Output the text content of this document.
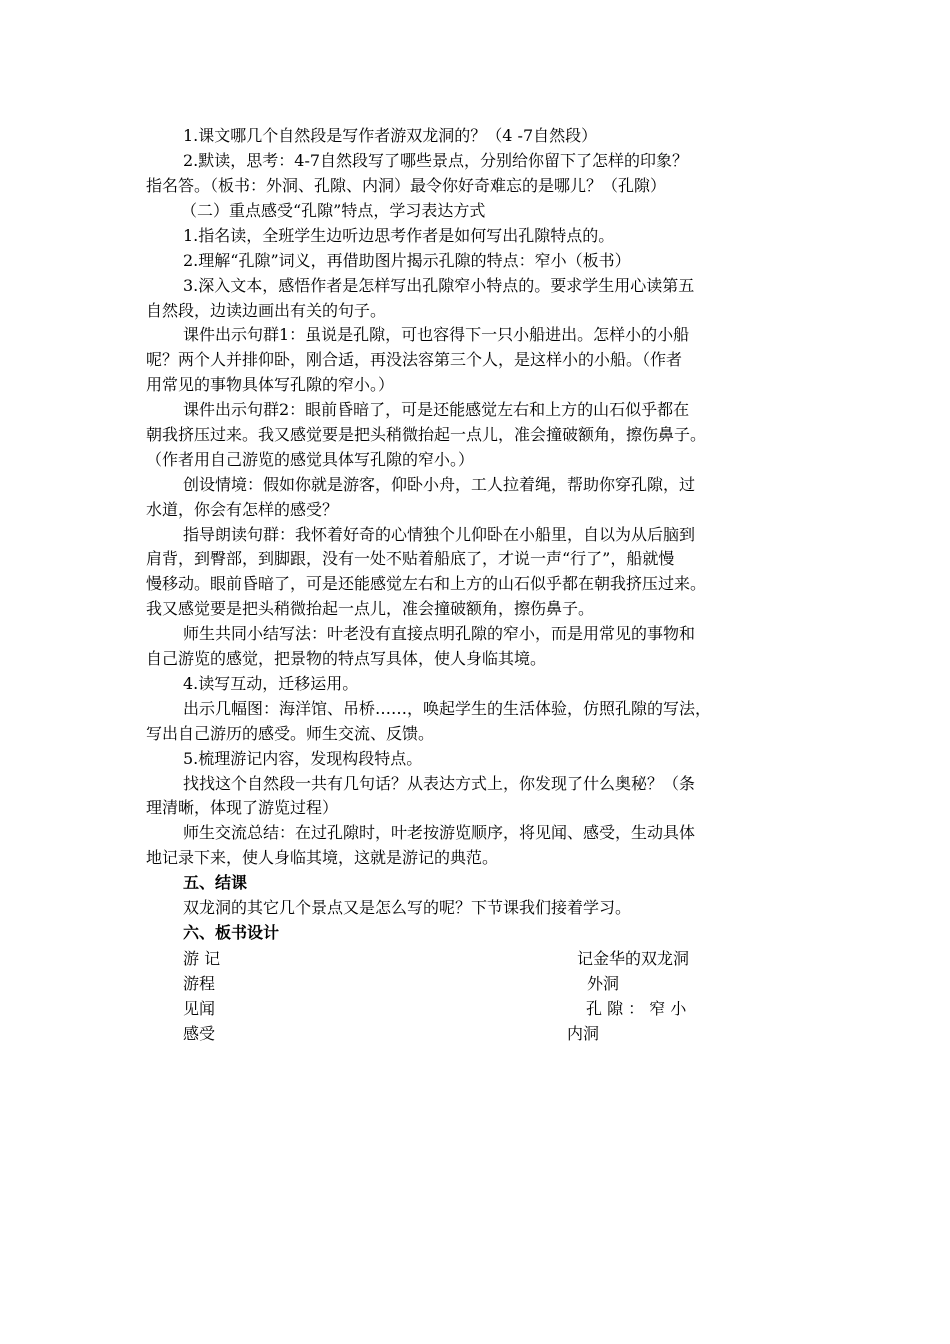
1.课文哪几个自然段是写作者游双龙洞的？（4 -7自然段）
2.默读，思考：4-7自然段写了哪些景点，分别给你留下了怎样的印象？
指名答。（板书：外洞、孔隙、内洞）最令你好奇难忘的是哪儿？（孔隙）
（二）重点感受“孔隙”特点，学习表达方式
1.指名读，全班学生边听边思考作者是如何写出孔隙特点的。
2.理解“孔隙”词义，再借助图片揭示孔隙的特点：窄小（板书）
3.深入文本，感悟作者是怎样写出孔隙窄小特点的。要求学生用心读第五
自然段，边读边画出有关的句子。
课件出示句群1：虽说是孔隙，可也容得下一只小船进出。怎样小的小船
呢？两个人并排仰卧，刚合适，再没法容第三个人，是这样小的小船。（作者
用常见的事物具体写孔隙的窄小。）
课件出示句群2：眼前昏暗了，可是还能感觉左右和上方的山石似乎都在
朝我挤压过来。我又感觉要是把头稍微抬起一点儿，准会撞破额角，擦伤鼻子。
（作者用自己游览的感觉具体写孔隙的窄小。）
创设情境：假如你就是游客，仰卧小舟，工人拉着绳，帮助你穿孔隙，过
水道，你会有怎样的感受？
指导朗读句群：我怀着好奇的心情独个儿仰卧在小船里，自以为从后脑到
肩背，到臀部，到脚跟，没有一处不贴着船底了，才说一声“行了”，船就慢
慢移动。眼前昏暗了，可是还能感觉左右和上方的山石似乎都在朝我挤压过来。
我又感觉要是把头稍微抬起一点儿，准会撞破额角，擦伤鼻子。
师生共同小结写法：叶老没有直接点明孔隙的窄小，而是用常见的事物和
自己游览的感觉，把景物的特点写具体，使人身临其境。
4.读写互动，迁移运用。
出示几幅图：海洋馆、吊桥……，唤起学生的生活体验，仿照孔隙的写法，
写出自己游历的感受。师生交流、反馈。
5.梳理游记内容，发现构段特点。
找找这个自然段一共有几句话？从表达方式上，你发现了什么奥秘？（条
理清晰，体现了游览过程）
师生交流总结：在过孔隙时，叶老按游览顺序，将见闻、感受，生动具体
地记录下来，使人身临其境，这就是游记的典范。
五、结课
双龙洞的其它几个景点又是怎么写的呢？下节课我们接着学习。
六、板书设计
游 记
游程
见闻
感受
记金华的双龙洞
外洞
孔 隙 ： 窄 小
内洞
